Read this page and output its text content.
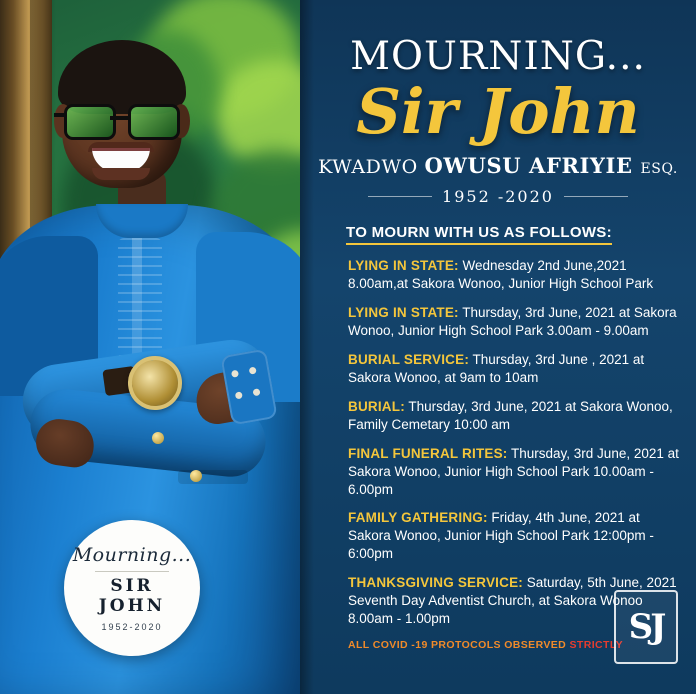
Mourning...
SIR
JOHN
1952-2020
MOURNING...
Sir John
KWADWO OWUSU AFRIYIE ESQ.
1952 -2020
TO MOURN WITH US AS FOLLOWS:
LYING IN STATE: Wednesday 2nd June,2021 8.00am,at Sakora Wonoo, Junior High School Park
LYING IN STATE: Thursday, 3rd June, 2021 at Sakora Wonoo, Junior High School Park 3.00am - 9.00am
BURIAL SERVICE: Thursday, 3rd June , 2021 at Sakora Wonoo, at 9am to 10am
BURIAL: Thursday, 3rd June, 2021 at Sakora Wonoo, Family Cemetary 10:00 am
FINAL FUNERAL RITES: Thursday, 3rd June, 2021 at Sakora Wonoo, Junior High School Park 10.00am - 6.00pm
FAMILY GATHERING: Friday, 4th June, 2021 at Sakora Wonoo, Junior High School Park 12:00pm - 6:00pm
THANKSGIVING SERVICE: Saturday, 5th June, 2021 Seventh Day Adventist Church, at Sakora Wonoo 8.00am - 1.00pm
ALL COVID -19 PROTOCOLS OBSERVED STRICTLY SJ
